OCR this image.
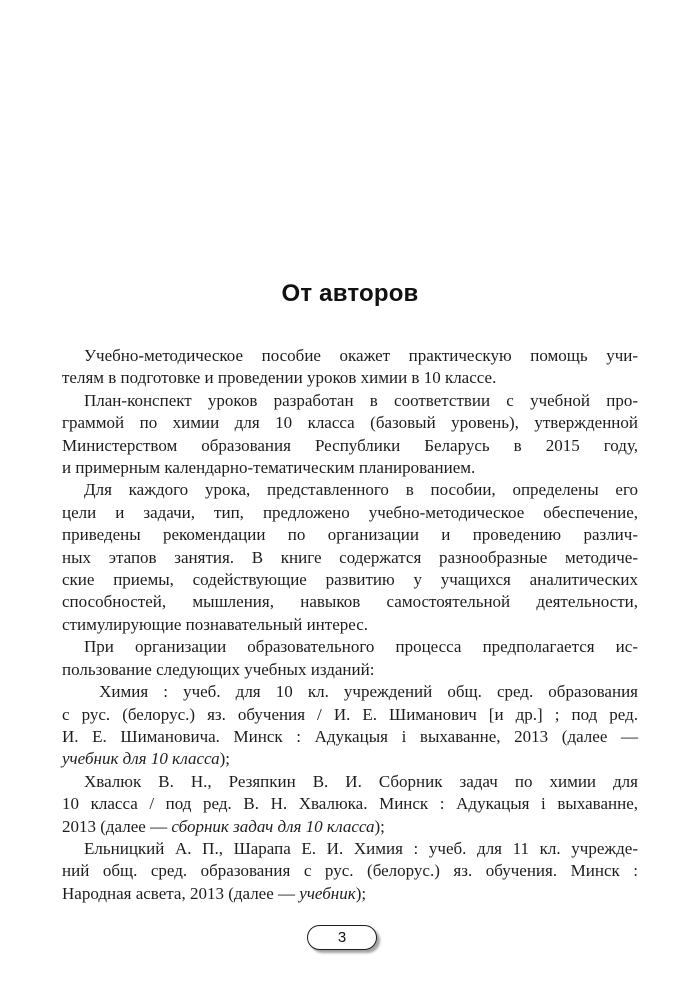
От авторов

Учебно-методическое пособие окажет практическую помощь учи-
телям в подготовке и проведении уроков химии в 10 классе.

План-конспект уроков разработан в соответствии с учебной про-
граммой по химии для 10 класса (базовый уровень), утвержденной
Министерством образования Республики Беларусь в 2015 году,
и примерным календарно-тематическим планированием.

Для каждого урока, представленного в пособии, определены его
цели и задачи, тип, предложено учебно-методическое обеспечение,
приведены рекомендации по организации и проведению различ-
ных этапов занятия. В книге содержатся разнообразные методиче-
ские приемы, содействующие развитию у учащихся аналитических
способностей, мышления, навыков самостоятельной деятельности,
стимулирующие познавательный интерес.

При организации образовательного процесса предполагается ис-
пользование следующих учебных изданий:

Химия : учеб. для 10 кл. учреждений общ. сред. образования
с рус. (белорус.) яз. обучения / И. Е. Шиманович [и др.] ; под ред.
И. Е. Шимановича. Минск : Адукацыя і выхаванне, 2013 (далее —
учебник для 10 класса);

Хвалюк В. Н., Резяпкин В. И. Сборник задач по химии для
10 класса / под ред. В. Н. Хвалюка. Минск : Адукацыя і выхаванне,
2013 (далее — сборник задач для 10 класса);

Ельницкий А. П., Шарапа Е. И. Химия : учеб. для 11 кл. учрежде-
ний общ. сред. образования с рус. (белорус.) яз. обучения. Минск :
Народная асвета, 2013 (далее — учебник);

3
